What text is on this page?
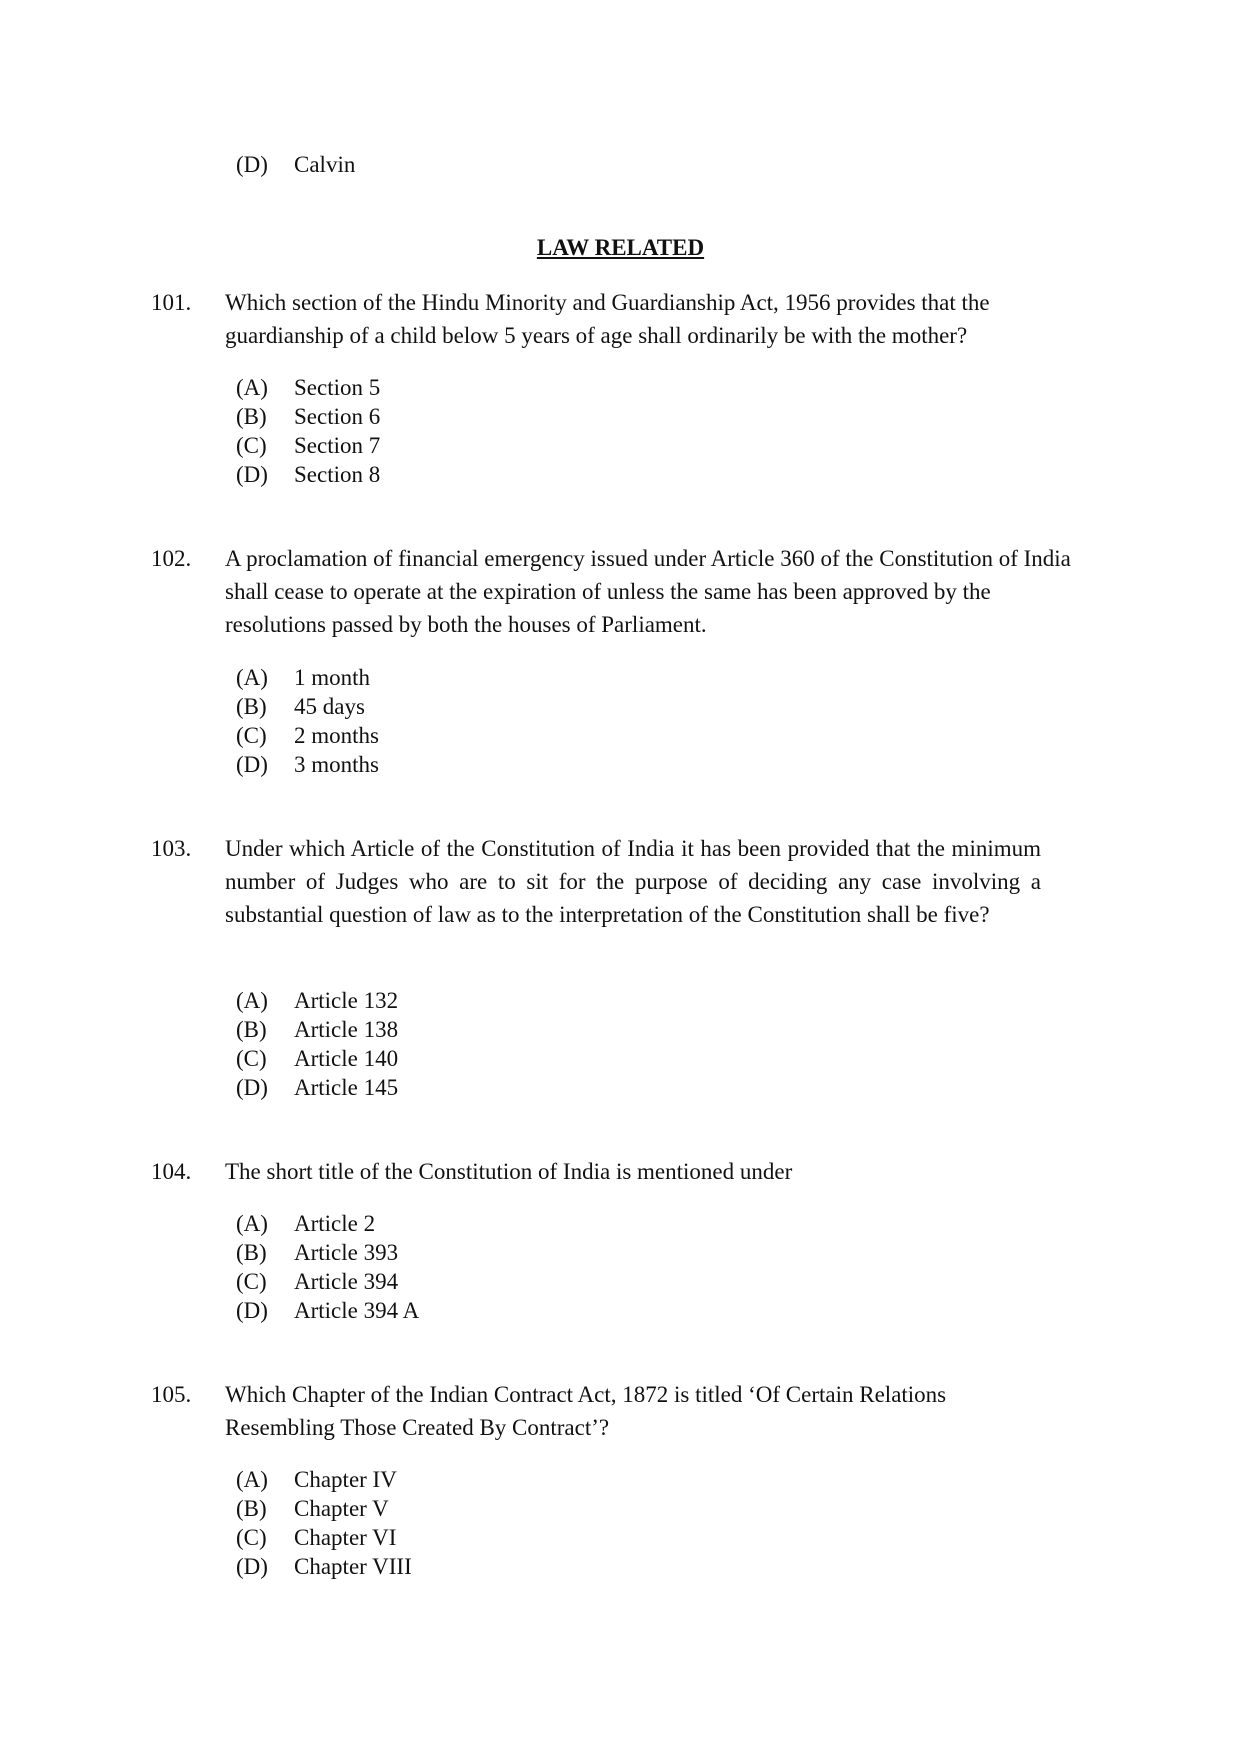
(D) Calvin
LAW RELATED
101. Which section of the Hindu Minority and Guardianship Act, 1956 provides that the guardianship of a child below 5 years of age shall ordinarily be with the mother?
(A) Section 5
(B) Section 6
(C) Section 7
(D) Section 8
102. A proclamation of financial emergency issued under Article 360 of the Constitution of India shall cease to operate at the expiration of unless the same has been approved by the resolutions passed by both the houses of Parliament.
(A) 1 month
(B) 45 days
(C) 2 months
(D) 3 months
103. Under which Article of the Constitution of India it has been provided that the minimum number of Judges who are to sit for the purpose of deciding any case involving a substantial question of law as to the interpretation of the Constitution shall be five?
(A) Article 132
(B) Article 138
(C) Article 140
(D) Article 145
104. The short title of the Constitution of India is mentioned under
(A) Article 2
(B) Article 393
(C) Article 394
(D) Article 394 A
105. Which Chapter of the Indian Contract Act, 1872 is titled ‘Of Certain Relations Resembling Those Created By Contract’?
(A) Chapter IV
(B) Chapter V
(C) Chapter VI
(D) Chapter VIII
